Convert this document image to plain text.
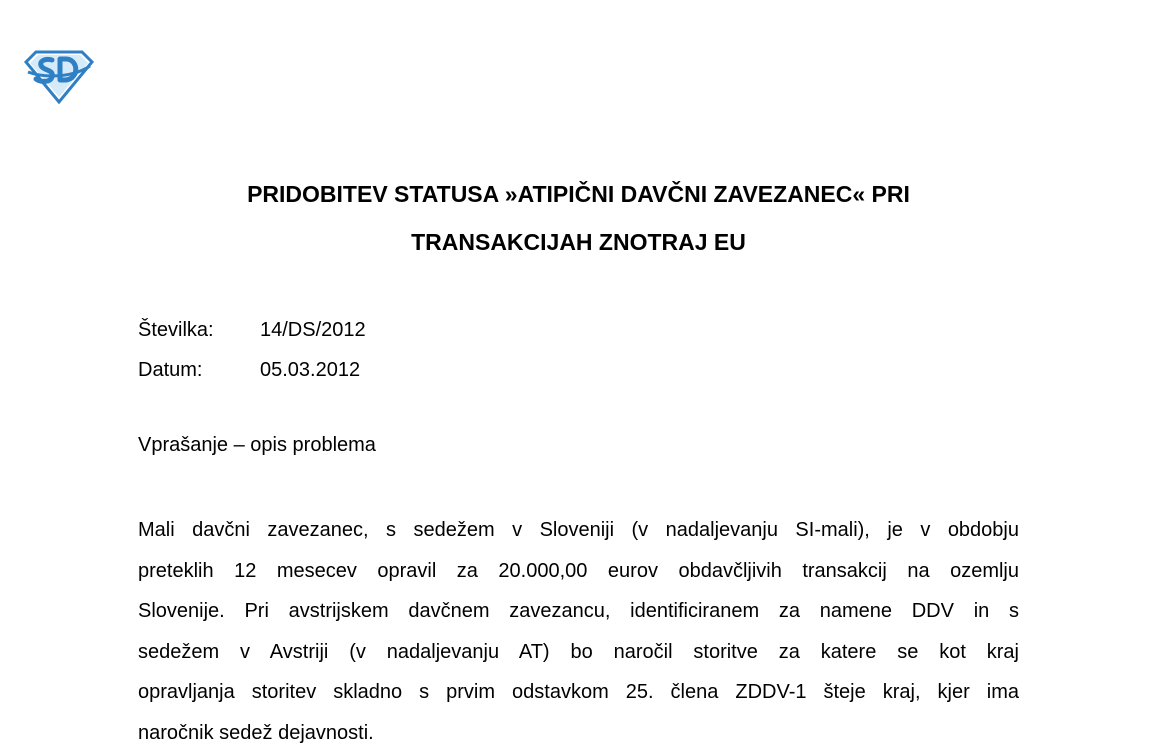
PRIDOBITEV STATUSA »ATIPIČNI DAVČNI ZAVEZANEC« PRI
TRANSAKCIJAH ZNOTRAJ EU
Številka:	14/DS/2012
Datum:	05.03.2012
Vprašanje – opis problema
Mali davčni zavezanec, s sedežem v Sloveniji (v nadaljevanju SI-mali), je v obdobju
preteklih 12 mesecev opravil za 20.000,00 eurov obdavčljivih transakcij na ozemlju
Slovenije. Pri avstrijskem davčnem zavezancu, identificiranem za namene DDV in s
sedežem v Avstriji (v nadaljevanju AT) bo naročil storitve za katere se kot kraj
opravljanja storitev skladno s prvim odstavkom 25. člena ZDDV-1 šteje kraj, kjer ima
naročnik sedež dejavnosti.
